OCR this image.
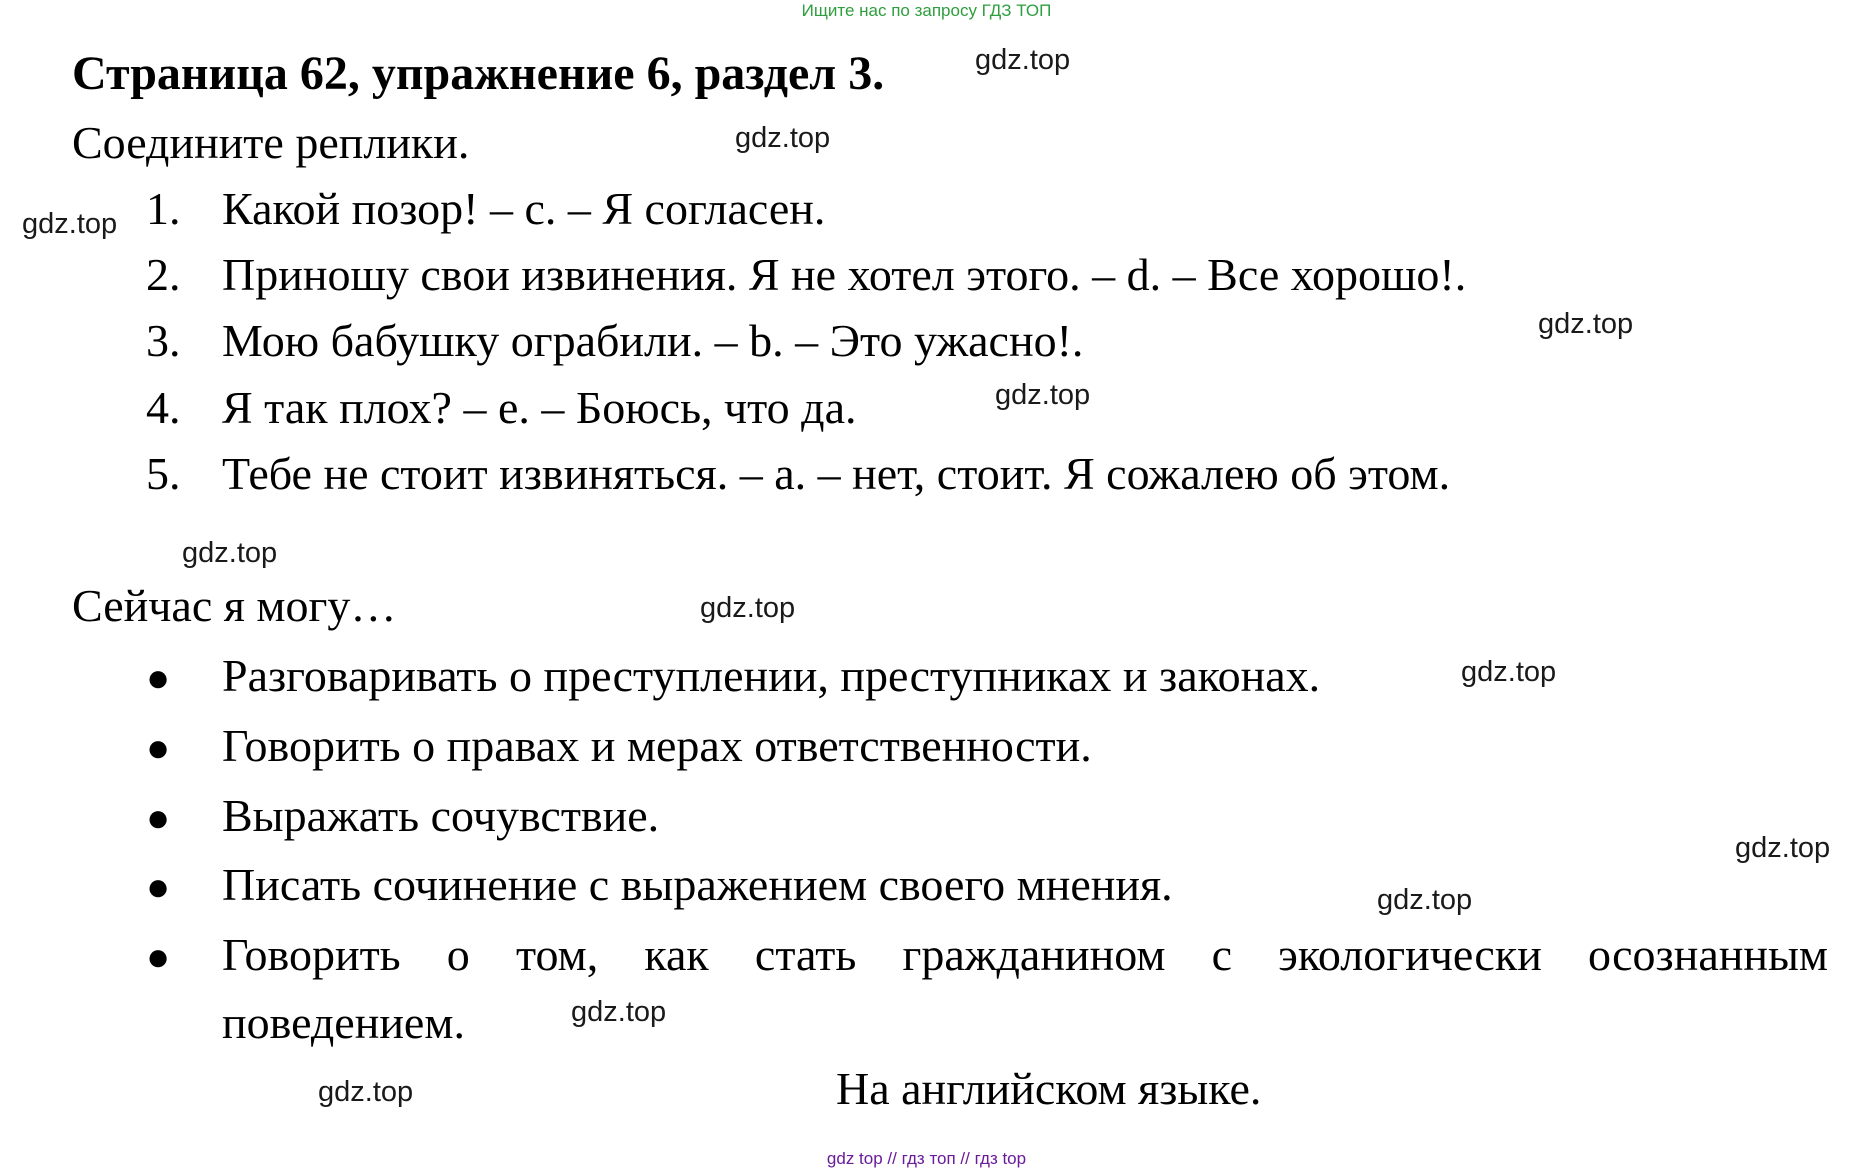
Ищите нас по запросу ГДЗ ТОП
Страница 62, упражнение 6, раздел 3.
Соедините реплики.
1. Какой позор! – c. – Я согласен.
2. Приношу свои извинения. Я не хотел этого. – d. – Все хорошо!.
3. Мою бабушку ограбили. – b. – Это ужасно!.
4. Я так плох? – e. – Боюсь, что да.
5. Тебе не стоит извиняться. – a. – нет, стоит. Я сожалею об этом.
Сейчас я могу…
● Разговаривать о преступлении, преступниках и законах.
● Говорить о правах и мерах ответственности.
● Выражать сочувствие.
● Писать сочинение с выражением своего мнения.
● Говорить о том, как стать гражданином с экологически осознанным
поведением.
На английском языке.
gdz.top
gdz.top
gdz.top
gdz.top
gdz.top
gdz.top
gdz.top
gdz.top
gdz.top
gdz.top
gdz.top
gdz.top
gdz top // гдз топ // гдз top
